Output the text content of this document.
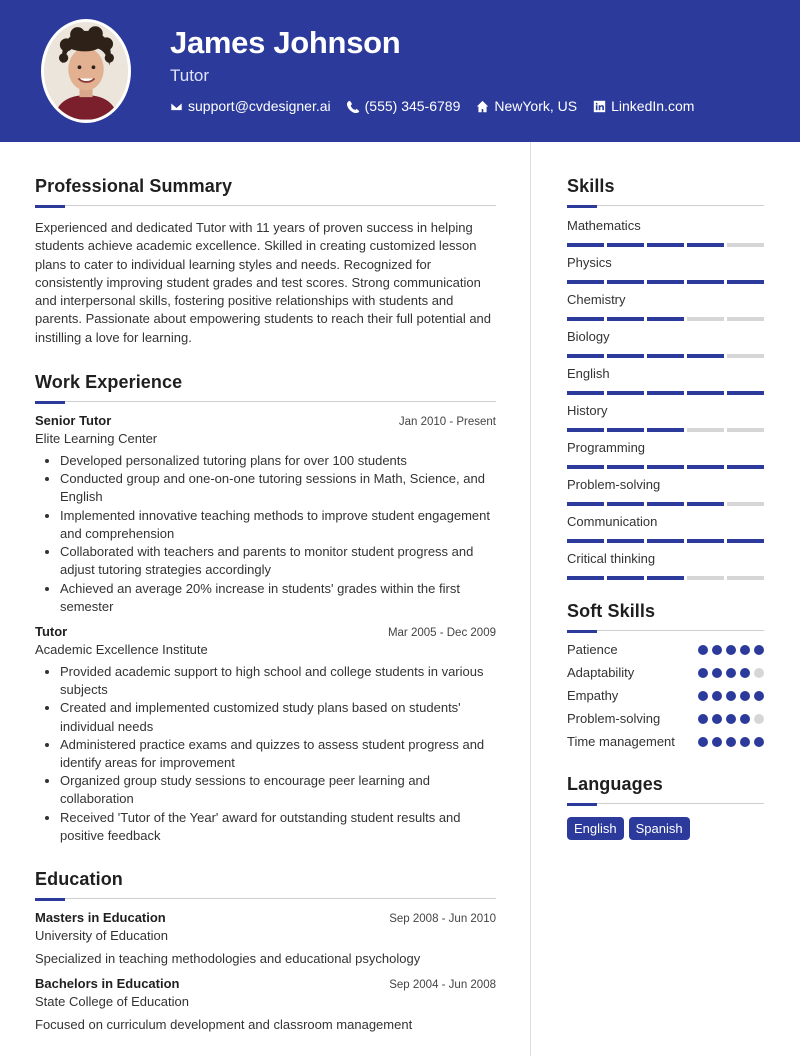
James Johnson
Tutor
support@cvdesigner.ai (555) 345-6789 NewYork, US LinkedIn.com
Professional Summary

Experienced and dedicated Tutor with 11 years of proven success in helping students achieve academic excellence. Skilled in creating customized lesson plans to cater to individual learning styles and needs. Recognized for consistently improving student grades and test scores. Strong communication and interpersonal skills, fostering positive relationships with students and parents. Passionate about empowering students to reach their full potential and instilling a love for learning.

Work Experience
Senior Tutor	Jan 2010 - Present
Elite Learning Center
• Developed personalized tutoring plans for over 100 students
• Conducted group and one-on-one tutoring sessions in Math, Science, and English
• Implemented innovative teaching methods to improve student engagement and comprehension
• Collaborated with teachers and parents to monitor student progress and adjust tutoring strategies accordingly
• Achieved an average 20% increase in students' grades within the first semester
Tutor	Mar 2005 - Dec 2009
Academic Excellence Institute
• Provided academic support to high school and college students in various subjects
• Created and implemented customized study plans based on students' individual needs
• Administered practice exams and quizzes to assess student progress and identify areas for improvement
• Organized group study sessions to encourage peer learning and collaboration
• Received 'Tutor of the Year' award for outstanding student results and positive feedback
Education
Masters in Education	Sep 2008 - Jun 2010
University of Education
Specialized in teaching methodologies and educational psychology
Bachelors in Education	Sep 2004 - Jun 2008
State College of Education
Focused on curriculum development and classroom management
Skills
Mathematics
Physics
Chemistry
Biology
English
History
Programming
Problem-solving
Communication
Critical thinking
Soft Skills
Patience
Adaptability
Empathy
Problem-solving
Time management
Languages
English	Spanish
